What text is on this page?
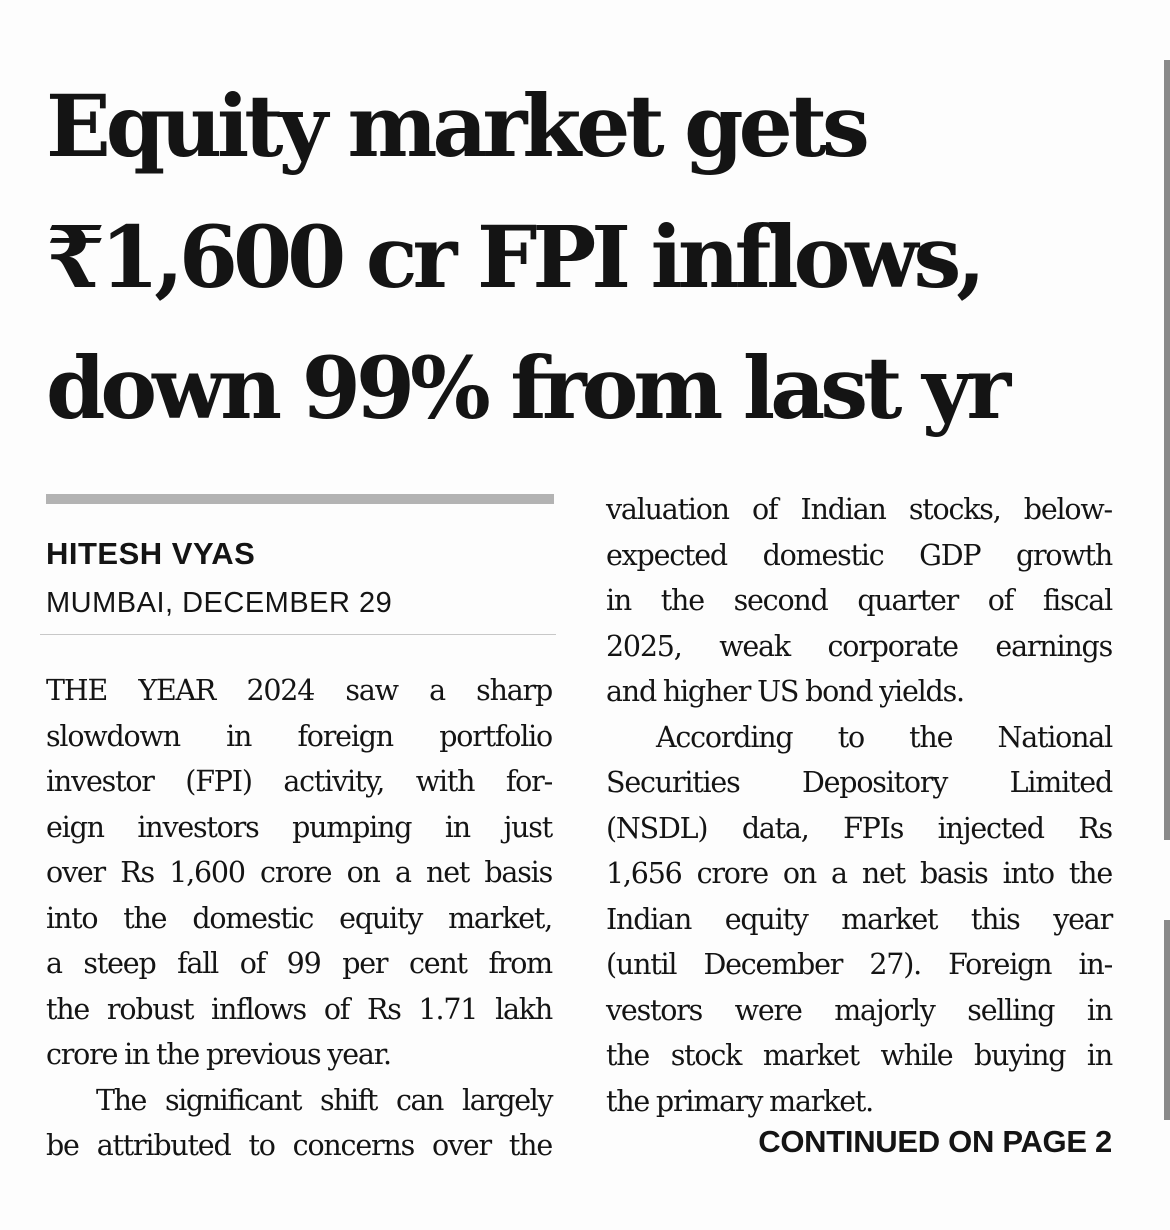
Equity market gets
₹1,600 cr FPI inflows,
down 99% from last yr

HITESH VYAS

MUMBAI, DECEMBER 29

THE YEAR 2024 saw a sharp
slowdown in foreign portfolio
investor (FPI) activity, with for-
eign investors pumping in just
over Rs 1,600 crore on a net basis
into the domestic equity market,
a steep fall of 99 per cent from
the robust inflows of Rs 1.71 lakh
crore in the previous year.
The significant shift can largely
be attributed to concerns over the
valuation of Indian stocks, below-
expected domestic GDP growth
in the second quarter of fiscal
2025, weak corporate earnings
and higher US bond yields.
According to the National
Securities Depository Limited
(NSDL) data, FPIs injected Rs
1,656 crore on a net basis into the
Indian equity market this year
(until December 27). Foreign in-
vestors were majorly selling in
the stock market while buying in
the primary market.

CONTINUED ON PAGE 2
